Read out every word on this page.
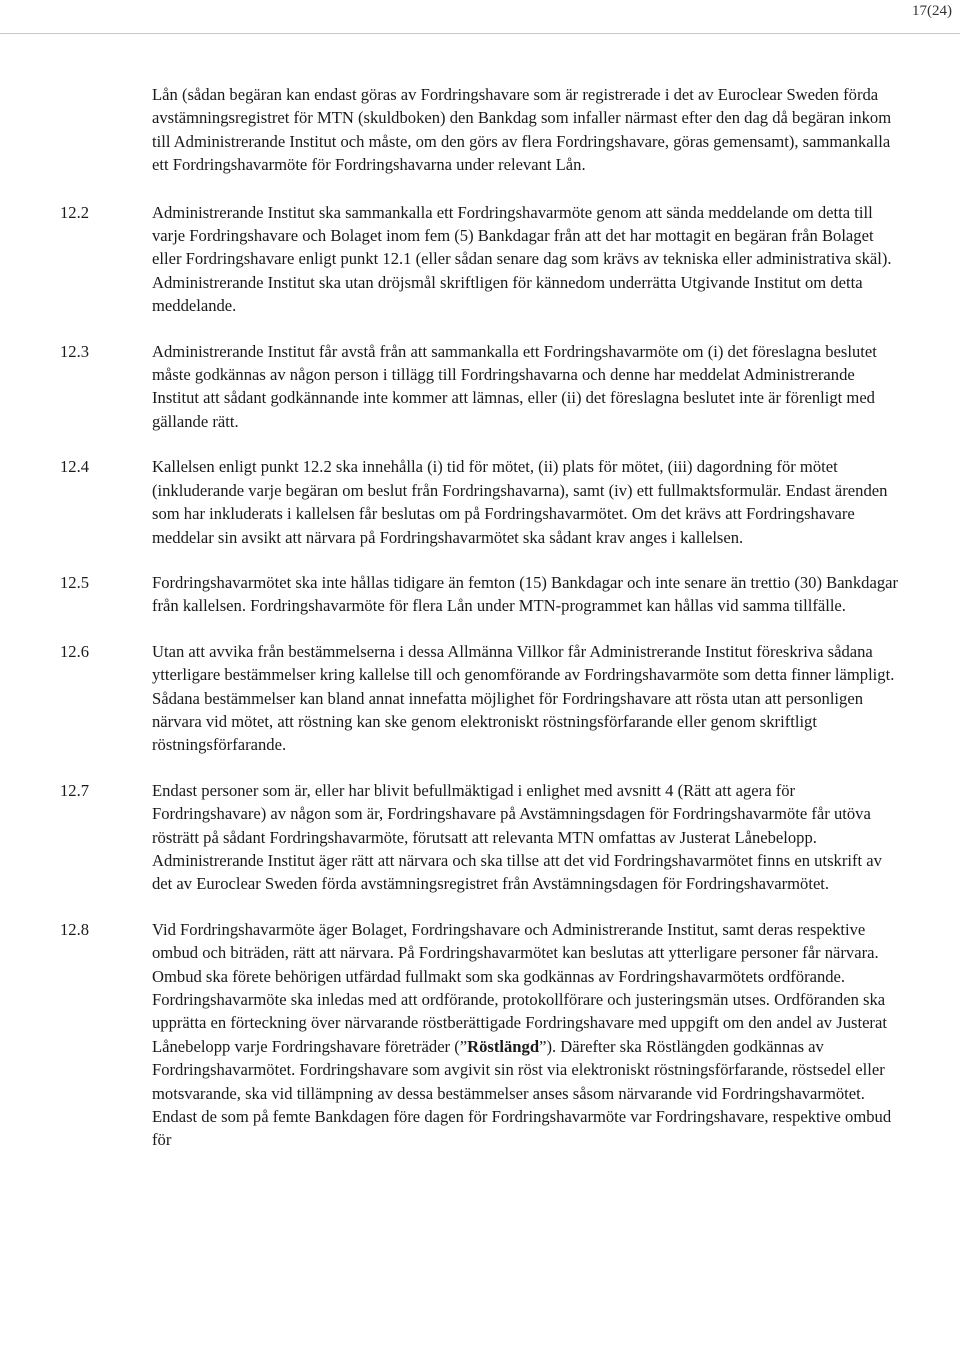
17(24)
Lån (sådan begäran kan endast göras av Fordringshavare som är registrerade i det av Euroclear Sweden förda avstämningsregistret för MTN (skuldboken) den Bankdag som infaller närmast efter den dag då begäran inkom till Administrerande Institut och måste, om den görs av flera Fordringshavare, göras gemensamt), sammankalla ett Fordringshavarmöte för Fordringshavarna under relevant Lån.
12.2	Administrerande Institut ska sammankalla ett Fordringshavarmöte genom att sända meddelande om detta till varje Fordringshavare och Bolaget inom fem (5) Bankdagar från att det har mottagit en begäran från Bolaget eller Fordringshavare enligt punkt 12.1 (eller sådan senare dag som krävs av tekniska eller administrativa skäl). Administrerande Institut ska utan dröjsmål skriftligen för kännedom underrätta Utgivande Institut om detta meddelande.
12.3	Administrerande Institut får avstå från att sammankalla ett Fordringshavarmöte om (i) det föreslagna beslutet måste godkännas av någon person i tillägg till Fordringshavarna och denne har meddelat Administrerande Institut att sådant godkännande inte kommer att lämnas, eller (ii) det föreslagna beslutet inte är förenligt med gällande rätt.
12.4	Kallelsen enligt punkt 12.2 ska innehålla (i) tid för mötet, (ii) plats för mötet, (iii) dagordning för mötet (inkluderande varje begäran om beslut från Fordringshavarna), samt (iv) ett fullmaktsformulär. Endast ärenden som har inkluderats i kallelsen får beslutas om på Fordringshavarmötet. Om det krävs att Fordringshavare meddelar sin avsikt att närvara på Fordringshavarmötet ska sådant krav anges i kallelsen.
12.5	Fordringshavarmötet ska inte hållas tidigare än femton (15) Bankdagar och inte senare än trettio (30) Bankdagar från kallelsen. Fordringshavarmöte för flera Lån under MTN-programmet kan hållas vid samma tillfälle.
12.6	Utan att avvika från bestämmelserna i dessa Allmänna Villkor får Administrerande Institut föreskriva sådana ytterligare bestämmelser kring kallelse till och genomförande av Fordringshavarmöte som detta finner lämpligt. Sådana bestämmelser kan bland annat innefatta möjlighet för Fordringshavare att rösta utan att personligen närvara vid mötet, att röstning kan ske genom elektroniskt röstningsförfarande eller genom skriftligt röstningsförfarande.
12.7	Endast personer som är, eller har blivit befullmäktigad i enlighet med avsnitt 4 (Rätt att agera för Fordringshavare) av någon som är, Fordringshavare på Avstämningsdagen för Fordringshavarmöte får utöva rösträtt på sådant Fordringshavarmöte, förutsatt att relevanta MTN omfattas av Justerat Lånebelopp. Administrerande Institut äger rätt att närvara och ska tillse att det vid Fordringshavarmötet finns en utskrift av det av Euroclear Sweden förda avstämningsregistret från Avstämningsdagen för Fordringshavarmötet.
12.8	Vid Fordringshavarmöte äger Bolaget, Fordringshavare och Administrerande Institut, samt deras respektive ombud och biträden, rätt att närvara. På Fordringshavarmötet kan beslutas att ytterligare personer får närvara. Ombud ska förete behörigen utfärdad fullmakt som ska godkännas av Fordringshavarmötets ordförande. Fordringshavarmöte ska inledas med att ordförande, protokollförare och justeringsmän utses. Ordföranden ska upprätta en förteckning över närvarande röstberättigade Fordringshavare med uppgift om den andel av Justerat Lånebelopp varje Fordringshavare företräder (”Röstlängd”). Därefter ska Röstlängden godkännas av Fordringshavarmötet. Fordringshavare som avgivit sin röst via elektroniskt röstningsförfarande, röstsedel eller motsvarande, ska vid tillämpning av dessa bestämmelser anses såsom närvarande vid Fordringshavarmötet. Endast de som på femte Bankdagen före dagen för Fordringshavarmöte var Fordringshavare, respektive ombud för
